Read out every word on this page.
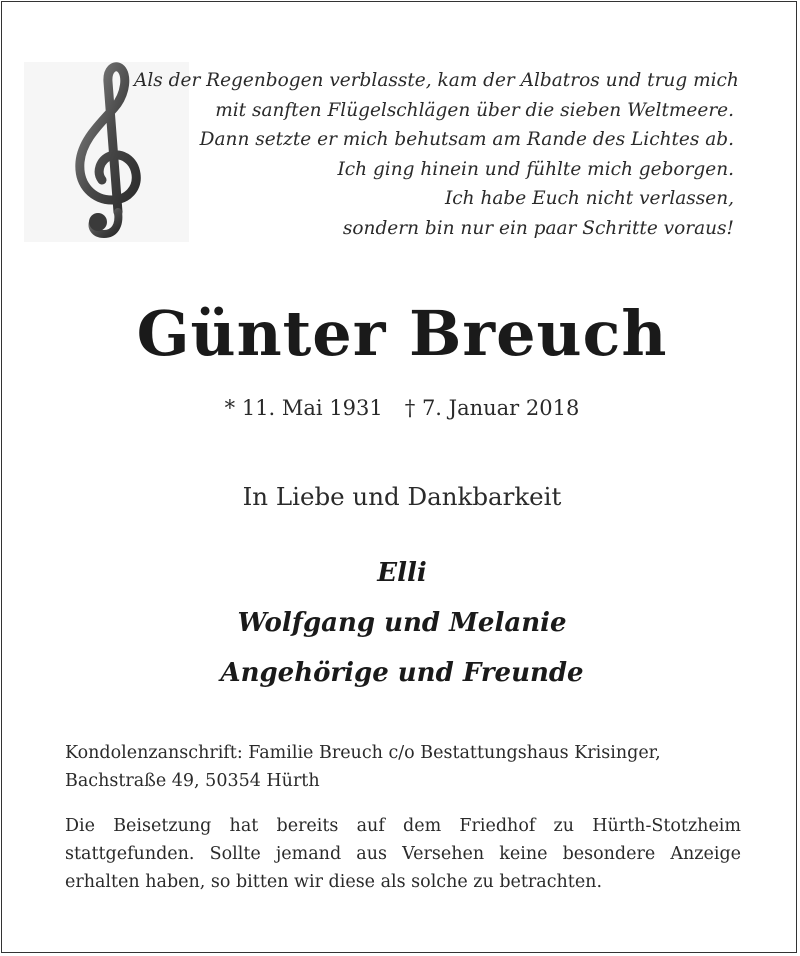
Als der Regenbogen verblasste, kam der Albatros und trug mich
mit sanften Flügelschlägen über die sieben Weltmeere.
Dann setzte er mich behutsam am Rande des Lichtes ab.
Ich ging hinein und fühlte mich geborgen.
Ich habe Euch nicht verlassen,
sondern bin nur ein paar Schritte voraus!
Günter Breuch
* 11. Mai 1931 † 7. Januar 2018
In Liebe und Dankbarkeit
Elli
Wolfgang und Melanie
Angehörige und Freunde
Kondolenzanschrift: Familie Breuch c/o Bestattungshaus Krisinger,
Bachstraße 49, 50354 Hürth
Die Beisetzung hat bereits auf dem Friedhof zu Hürth-Stotzheim
stattgefunden. Sollte jemand aus Versehen keine besondere Anzeige
erhalten haben, so bitten wir diese als solche zu betrachten.
